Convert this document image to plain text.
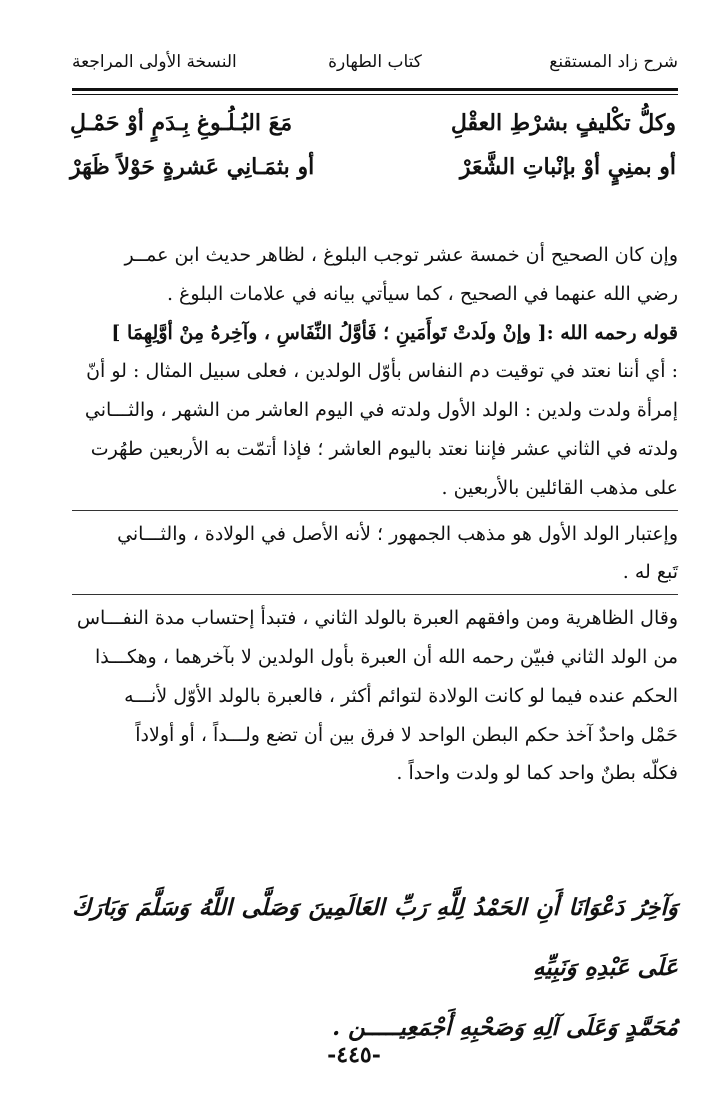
شرح زاد المستقنع
كتاب الطهارة
النسخة الأولى المراجعة
وكلُّ تكْليفٍ بشرْطِ العقْلِ
مَعَ البُـلُـوغِ بِـدَمٍ أوْ حَمْـلِ
أو بمنِيٍ أوْ بإنْباتِ الشَّعَرْ
أو بثمَـانِي عَشرةٍ حَوْلاً ظَهَرْ

وإن كان الصحيح أن خمسة عشر توجب البلوغ ، لظاهر حديث ابن عمــر
رضي الله عنهما في الصحيح ، كما سيأتي بيانه في علامات البلوغ .

قوله رحمه الله :[ وإنْ ولَدتْ تَوأَمَينِ ؛ فَأوَّلُ النِّفَاسِ ، وآخِرهُ مِنْ أوَّلِهِمَا ]
: أي أننا نعتد في توقيت دم النفاس بأوّل الولدين ، فعلى سبيل المثال : لو أنّ
إمرأة ولدت ولدين : الولد الأول ولدته في اليوم العاشر من الشهر ، والثـــاني
ولدته في الثاني عشر فإننا نعتد باليوم العاشر ؛ فإذا أتمّت به الأربعين طهُرت
على مذهب القائلين بالأربعين .

وإعتبار الولد الأول هو مذهب الجمهور ؛ لأنه الأصل في الولادة ، والثـــاني
تَبع له .

وقال الظاهرية ومن وافقهم العبرة بالولد الثاني ، فتبدأ إحتساب مدة النفـــاس
من الولد الثاني فبيّن رحمه الله أن العبرة بأول الولدين لا بآخرهما ، وهكـــذا
الحكم عنده فيما لو كانت الولادة لتوائم أكثر ، فالعبرة بالولد الأوّل لأنـــه
حَمْل واحدٌ آخذ حكم البطن الواحد لا فرق بين أن تضع ولـــداً ، أو أولاداً
فكلّه بطنٌ واحد كما لو ولدت واحداً .

وَآخِرُ دَعْوَانَا أَنِ الحَمْدُ لِلَّهِ رَبِّ العَالَمِينَ وَصَلَّى اللَّهُ وَسَلَّمَ وَبَارَكَ عَلَى عَبْدِهِ وَنَبِيِّهِ
مُحَمَّدٍ وَعَلَى آلِهِ وَصَحْبِهِ أَجْمَعِيـــــن .
-٤٤٥-
